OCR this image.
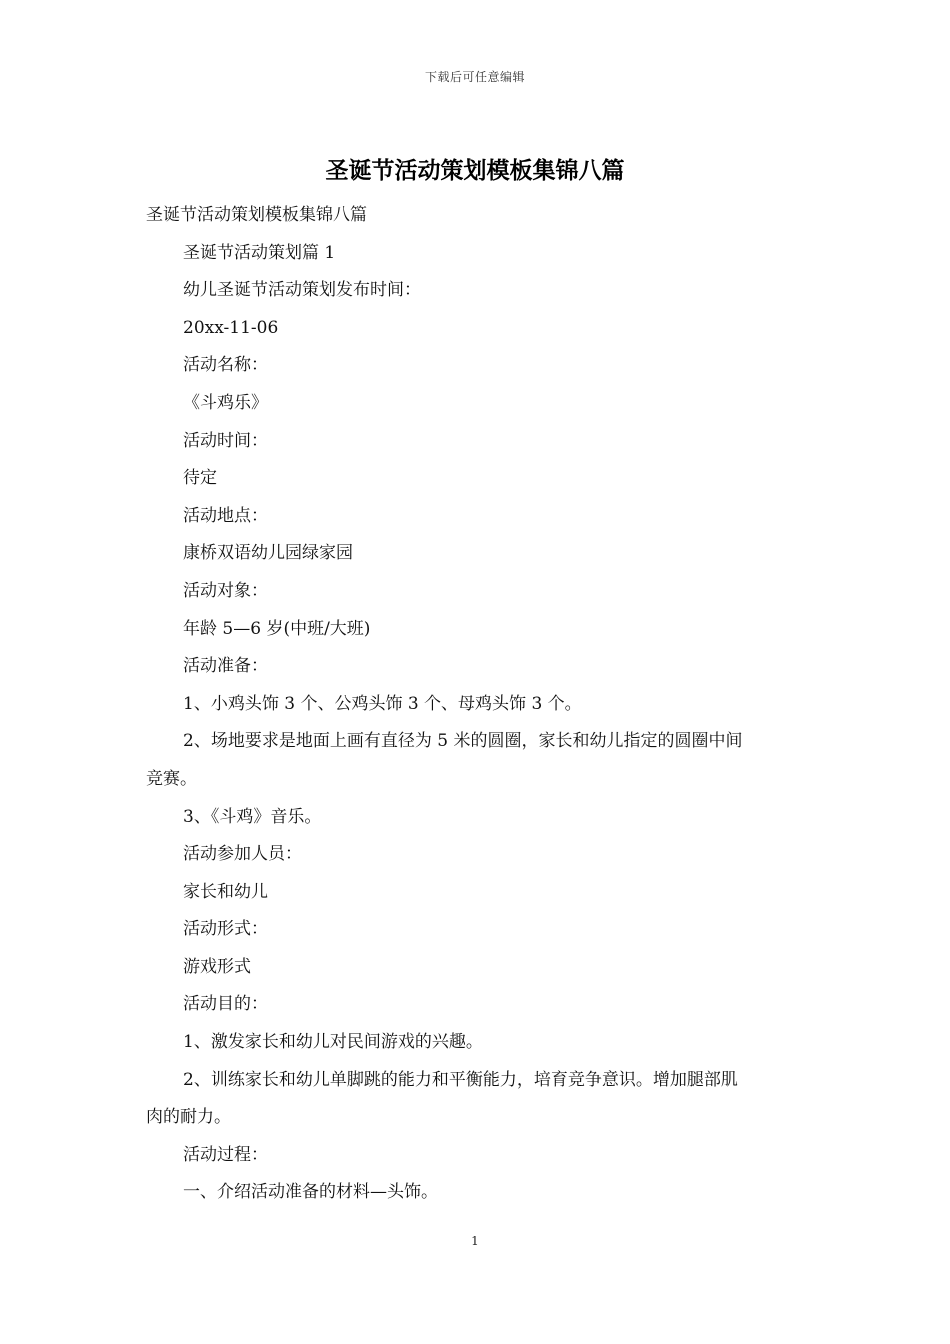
下载后可任意编辑
圣诞节活动策划模板集锦八篇
圣诞节活动策划模板集锦八篇
圣诞节活动策划篇 1
幼儿圣诞节活动策划发布时间：
20xx-11-06
活动名称：
《斗鸡乐》
活动时间：
待定
活动地点：
康桥双语幼儿园绿家园
活动对象：
年龄 5—6 岁(中班/大班)
活动准备：
1、小鸡头饰 3 个、公鸡头饰 3 个、母鸡头饰 3 个。
2、场地要求是地面上画有直径为 5 米的圆圈，家长和幼儿指定的圆圈中间
竞赛。
3、《斗鸡》音乐。
活动参加人员：
家长和幼儿
活动形式：
游戏形式
活动目的：
1、激发家长和幼儿对民间游戏的兴趣。
2、训练家长和幼儿单脚跳的能力和平衡能力，培育竞争意识。增加腿部肌
肉的耐力。
活动过程：
一、介绍活动准备的材料—头饰。
1
